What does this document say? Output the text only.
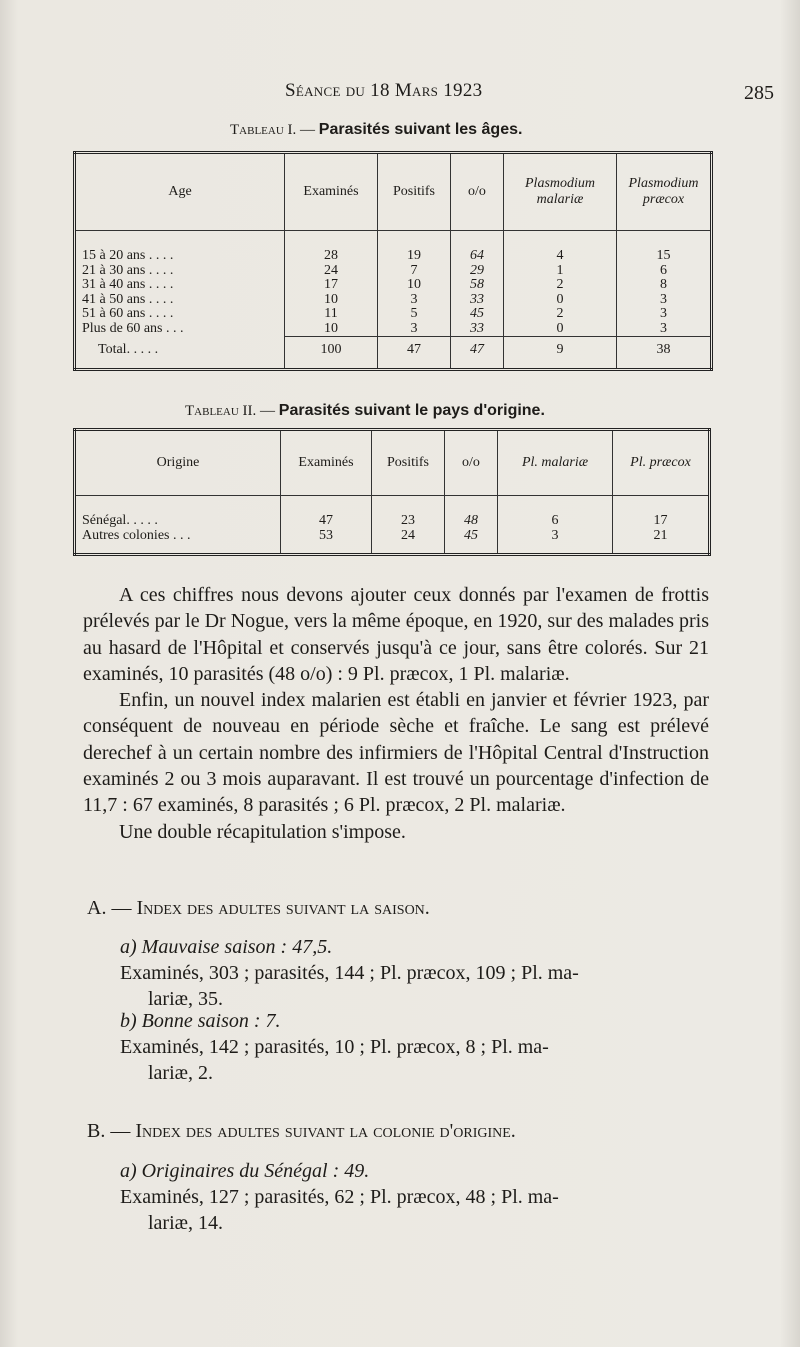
Séance du 18 Mars 1923	285
Tableau I. — Parasités suivant les âges.
Age	Examinés	Positifs	o/o	Plasmodium malariæ	Plasmodium præcox

15 à 20 ans . . . .	28	19	64	4	15
21 à 30 ans . . . .	24	7	29	1	6
31 à 40 ans . . . .	17	10	58	2	8
41 à 50 ans . . . .	10	3	33	0	3
51 à 60 ans . . . .	11	5	45	2	3
Plus de 60 ans . . .	10	3	33	0	3
Total. . . . .	100	47	47	9	38
Tableau II. — Parasités suivant le pays d'origine.
Origine	Examinés	Positifs	o/o	Pl. malariæ	Pl. præcox

Sénégal. . . . .	47	23	48	6	17
Autres colonies . . .	53	24	45	3	21

A ces chiffres nous devons ajouter ceux donnés par l'examen de frottis prélevés par le Dr Nogue, vers la même époque, en 1920, sur des malades pris au hasard de l'Hôpital et conservés jusqu'à ce jour, sans être colorés. Sur 21 examinés, 10 parasités (48 o/o) : 9 Pl. præcox, 1 Pl. malariæ.

Enfin, un nouvel index malarien est établi en janvier et février 1923, par conséquent de nouveau en période sèche et fraîche. Le sang est prélevé derechef à un certain nombre des infirmiers de l'Hôpital Central d'Instruction examinés 2 ou 3 mois auparavant. Il est trouvé un pourcentage d'infection de 11,7 : 67 examinés, 8 parasités ; 6 Pl. præcox, 2 Pl. malariæ.

Une double récapitulation s'impose.

A. — Index des adultes suivant la saison.
a) Mauvaise saison : 47,5.
Examinés, 303 ; parasités, 144 ; Pl. præcox, 109 ; Pl. ma-
lariæ, 35.
b) Bonne saison : 7.
Examinés, 142 ; parasités, 10 ; Pl. præcox, 8 ; Pl. ma-
lariæ, 2.
B. — Index des adultes suivant la colonie d'origine.
a) Originaires du Sénégal : 49.
Examinés, 127 ; parasités, 62 ; Pl. præcox, 48 ; Pl. ma-
lariæ, 14.
